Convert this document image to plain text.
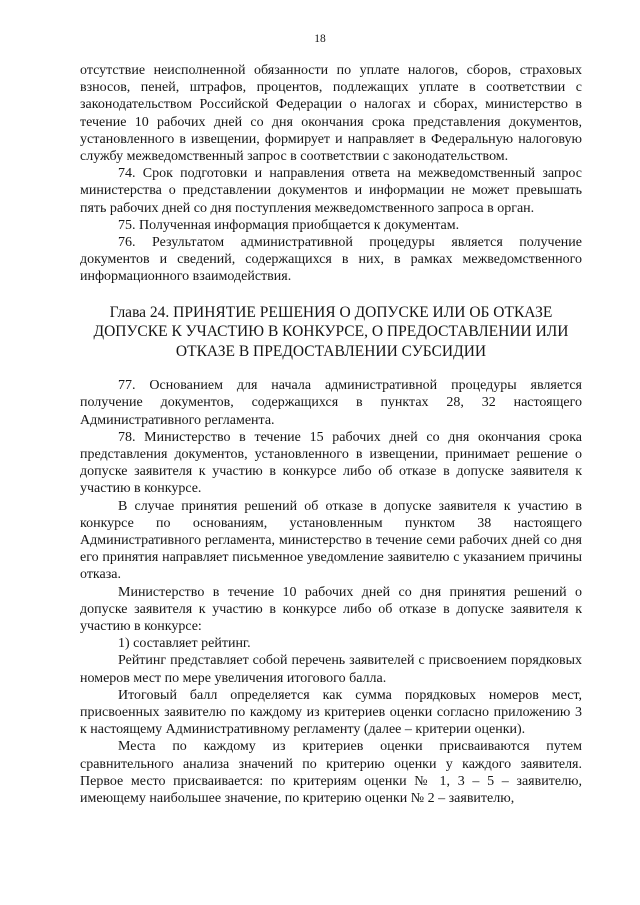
18

отсутствие неисполненной обязанности по уплате налогов, сборов, страховых взносов, пеней, штрафов, процентов, подлежащих уплате в соответствии с законодательством Российской Федерации о налогах и сборах, министерство в течение 10 рабочих дней со дня окончания срока представления документов, установленного в извещении, формирует и направляет в Федеральную налоговую службу межведомственный запрос в соответствии с законодательством.

74. Срок подготовки и направления ответа на межведомственный запрос министерства о представлении документов и информации не может превышать пять рабочих дней со дня поступления межведомственного запроса в орган.

75. Полученная информация приобщается к документам.

76. Результатом административной процедуры является получение документов и сведений, содержащихся в них, в рамках межведомственного информационного взаимодействия.

Глава 24. ПРИНЯТИЕ РЕШЕНИЯ О ДОПУСКЕ ИЛИ ОБ ОТКАЗЕ ДОПУСКЕ К УЧАСТИЮ В КОНКУРСЕ, О ПРЕДОСТАВЛЕНИИ ИЛИ ОТКАЗЕ В ПРЕДОСТАВЛЕНИИ СУБСИДИИ

77. Основанием для начала административной процедуры является получение документов, содержащихся в пунктах 28, 32 настоящего Административного регламента.

78. Министерство в течение 15 рабочих дней со дня окончания срока представления документов, установленного в извещении, принимает решение о допуске заявителя к участию в конкурсе либо об отказе в допуске заявителя к участию в конкурсе.

В случае принятия решений об отказе в допуске заявителя к участию в конкурсе по основаниям, установленным пунктом 38 настоящего Административного регламента, министерство в течение семи рабочих дней со дня его принятия направляет письменное уведомление заявителю с указанием причины отказа.

Министерство в течение 10 рабочих дней со дня принятия решений о допуске заявителя к участию в конкурсе либо об отказе в допуске заявителя к участию в конкурсе:

1) составляет рейтинг.

Рейтинг представляет собой перечень заявителей с присвоением порядковых номеров мест по мере увеличения итогового балла.

Итоговый балл определяется как сумма порядковых номеров мест, присвоенных заявителю по каждому из критериев оценки согласно приложению 3 к настоящему Административному регламенту (далее – критерии оценки).

Места по каждому из критериев оценки присваиваются путем сравнительного анализа значений по критерию оценки у каждого заявителя. Первое место присваивается: по критериям оценки № 1, 3 – 5 – заявителю, имеющему наибольшее значение, по критерию оценки № 2 – заявителю,
